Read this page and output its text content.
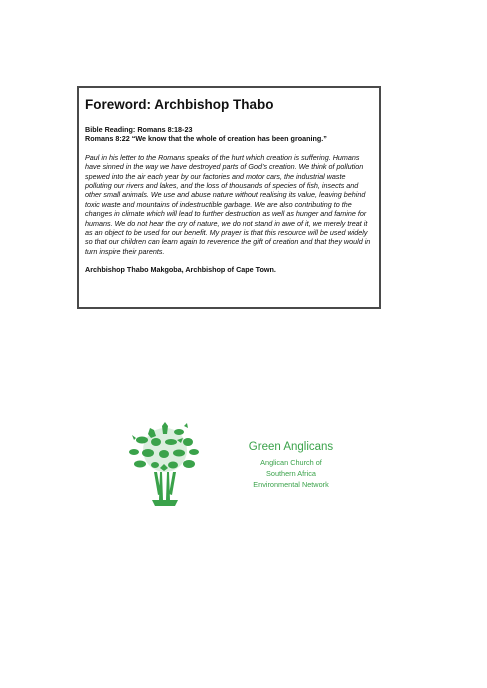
Foreword: Archbishop Thabo
Bible Reading: Romans 8:18-23
Romans 8:22 “We know that the whole of creation has been groaning.”
Paul in his letter to the Romans speaks of the hurt which creation is suffering. Humans have sinned in the way we have destroyed parts of God’s creation. We think of pollution spewed into the air each year by our factories and motor cars, the industrial waste polluting our rivers and lakes, and the loss of thousands of species of fish, insects and other small animals. We use and abuse nature without realising its value, leaving behind toxic waste and mountains of indestructible garbage. We are also contributing to the changes in climate which will lead to further destruction as well as hunger and famine for humans. We do not hear the cry of nature, we do not stand in awe of it, we merely treat it as an object to be used for our benefit. My prayer is that this resource will be used widely so that our children can learn again to reverence the gift of creation and that they would in turn inspire their parents.
Archbishop Thabo Makgoba, Archbishop of Cape Town.
Green Anglicans
Anglican Church of
Southern Africa
Environmental Network
